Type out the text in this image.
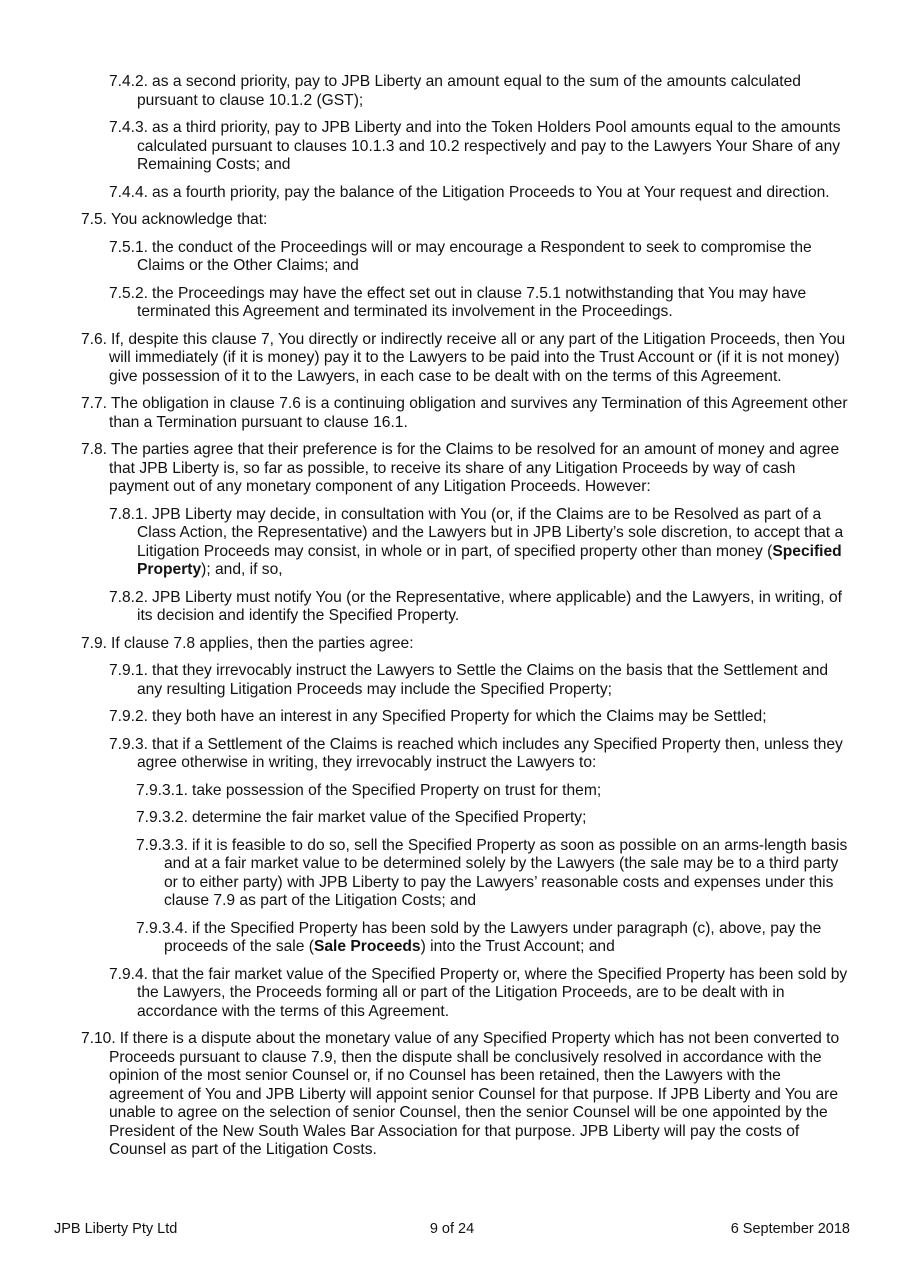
7.4.2. as a second priority, pay to JPB Liberty an amount equal to the sum of the amounts calculated pursuant to clause 10.1.2 (GST);

7.4.3. as a third priority, pay to JPB Liberty and into the Token Holders Pool amounts equal to the amounts calculated pursuant to clauses 10.1.3 and 10.2 respectively and pay to the Lawyers Your Share of any Remaining Costs; and

7.4.4. as a fourth priority, pay the balance of the Litigation Proceeds to You at Your request and direction.

7.5. You acknowledge that:

7.5.1. the conduct of the Proceedings will or may encourage a Respondent to seek to compromise the Claims or the Other Claims; and

7.5.2. the Proceedings may have the effect set out in clause 7.5.1 notwithstanding that You may have terminated this Agreement and terminated its involvement in the Proceedings.

7.6. If, despite this clause 7, You directly or indirectly receive all or any part of the Litigation Proceeds, then You will immediately (if it is money) pay it to the Lawyers to be paid into the Trust Account or (if it is not money) give possession of it to the Lawyers, in each case to be dealt with on the terms of this Agreement.

7.7. The obligation in clause 7.6 is a continuing obligation and survives any Termination of this Agreement other than a Termination pursuant to clause 16.1.

7.8. The parties agree that their preference is for the Claims to be resolved for an amount of money and agree that JPB Liberty is, so far as possible, to receive its share of any Litigation Proceeds by way of cash payment out of any monetary component of any Litigation Proceeds. However:

7.8.1. JPB Liberty may decide, in consultation with You (or, if the Claims are to be Resolved as part of a Class Action, the Representative) and the Lawyers but in JPB Liberty’s sole discretion, to accept that a Litigation Proceeds may consist, in whole or in part, of specified property other than money (Specified Property); and, if so,

7.8.2. JPB Liberty must notify You (or the Representative, where applicable) and the Lawyers, in writing, of its decision and identify the Specified Property.

7.9. If clause 7.8 applies, then the parties agree:

7.9.1. that they irrevocably instruct the Lawyers to Settle the Claims on the basis that the Settlement and any resulting Litigation Proceeds may include the Specified Property;

7.9.2. they both have an interest in any Specified Property for which the Claims may be Settled;

7.9.3. that if a Settlement of the Claims is reached which includes any Specified Property then, unless they agree otherwise in writing, they irrevocably instruct the Lawyers to:

7.9.3.1. take possession of the Specified Property on trust for them;

7.9.3.2. determine the fair market value of the Specified Property;

7.9.3.3. if it is feasible to do so, sell the Specified Property as soon as possible on an arms-length basis and at a fair market value to be determined solely by the Lawyers (the sale may be to a third party or to either party) with JPB Liberty to pay the Lawyers’ reasonable costs and expenses under this clause 7.9 as part of the Litigation Costs; and

7.9.3.4. if the Specified Property has been sold by the Lawyers under paragraph (c), above, pay the proceeds of the sale (Sale Proceeds) into the Trust Account; and

7.9.4. that the fair market value of the Specified Property or, where the Specified Property has been sold by the Lawyers, the Proceeds forming all or part of the Litigation Proceeds, are to be dealt with in accordance with the terms of this Agreement.

7.10. If there is a dispute about the monetary value of any Specified Property which has not been converted to Proceeds pursuant to clause 7.9, then the dispute shall be conclusively resolved in accordance with the opinion of the most senior Counsel or, if no Counsel has been retained, then the Lawyers with the agreement of You and JPB Liberty will appoint senior Counsel for that purpose. If JPB Liberty and You are unable to agree on the selection of senior Counsel, then the senior Counsel will be one appointed by the President of the New South Wales Bar Association for that purpose. JPB Liberty will pay the costs of Counsel as part of the Litigation Costs.

JPB Liberty Pty Ltd	9 of 24	6 September 2018
